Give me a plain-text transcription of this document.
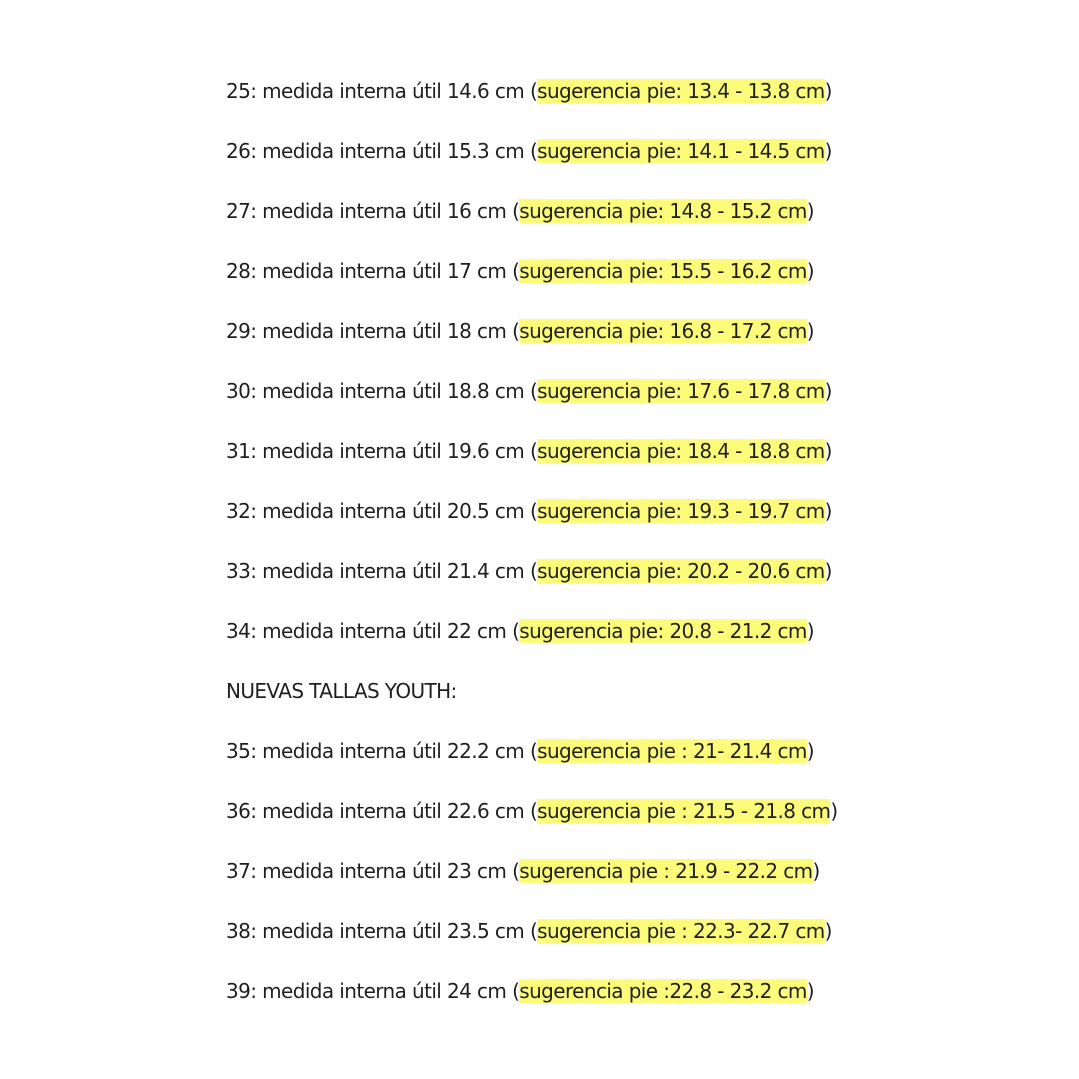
25: medida interna útil 14.6 cm (sugerencia pie: 13.4 - 13.8 cm)
26: medida interna útil 15.3 cm (sugerencia pie: 14.1 - 14.5 cm)
27: medida interna útil 16 cm (sugerencia pie: 14.8 - 15.2 cm)
28: medida interna útil 17 cm (sugerencia pie: 15.5 - 16.2 cm)
29: medida interna útil 18 cm (sugerencia pie: 16.8 - 17.2 cm)
30: medida interna útil 18.8 cm (sugerencia pie: 17.6 - 17.8 cm)
31: medida interna útil 19.6 cm (sugerencia pie: 18.4 - 18.8 cm)
32: medida interna útil 20.5 cm (sugerencia pie: 19.3 - 19.7 cm)
33: medida interna útil 21.4 cm (sugerencia pie: 20.2 - 20.6 cm)
34: medida interna útil 22 cm (sugerencia pie: 20.8 - 21.2 cm)
NUEVAS TALLAS YOUTH:
35: medida interna útil 22.2 cm (sugerencia pie : 21- 21.4 cm)
36: medida interna útil 22.6 cm (sugerencia pie : 21.5 - 21.8 cm)
37: medida interna útil 23 cm (sugerencia pie : 21.9 - 22.2 cm)
38: medida interna útil 23.5 cm (sugerencia pie : 22.3- 22.7 cm)
39: medida interna útil 24 cm (sugerencia pie :22.8 - 23.2 cm)
